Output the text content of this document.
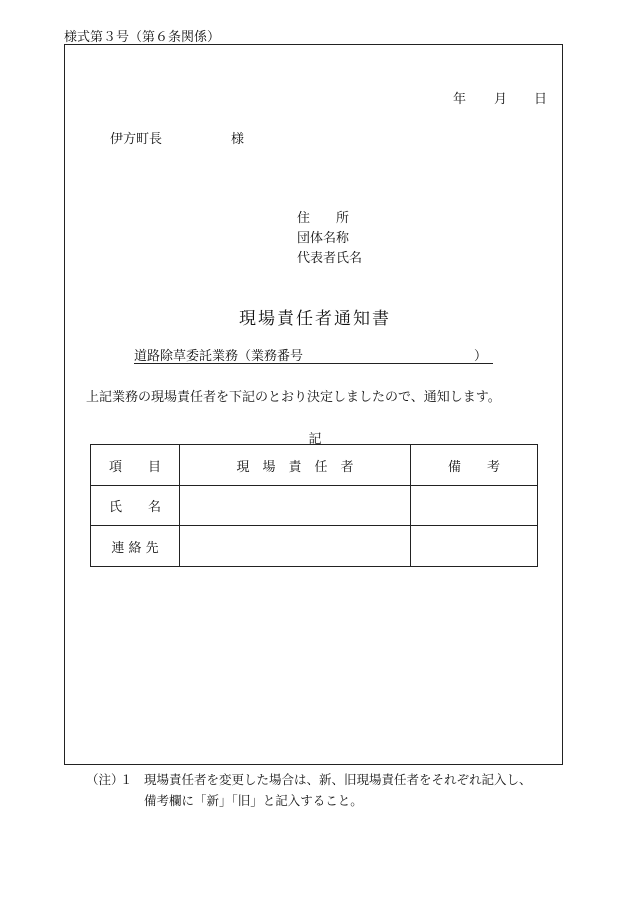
様式第３号（第６条関係）
年 月 日
伊方町長	様
住　　所
団体名称
代表者氏名
現場責任者通知書
道路除草委託業務（業務番号	）
上記業務の現場責任者を下記のとおり決定しましたので、通知します。
記
項　　目	現　場　責　任　者	備　　考
氏　　名		
連 絡 先		
（注）
１ 現場責任者を変更した場合は、新、旧現場責任者をそれぞれ記入し、
備考欄に「新」「旧」と記入すること。
